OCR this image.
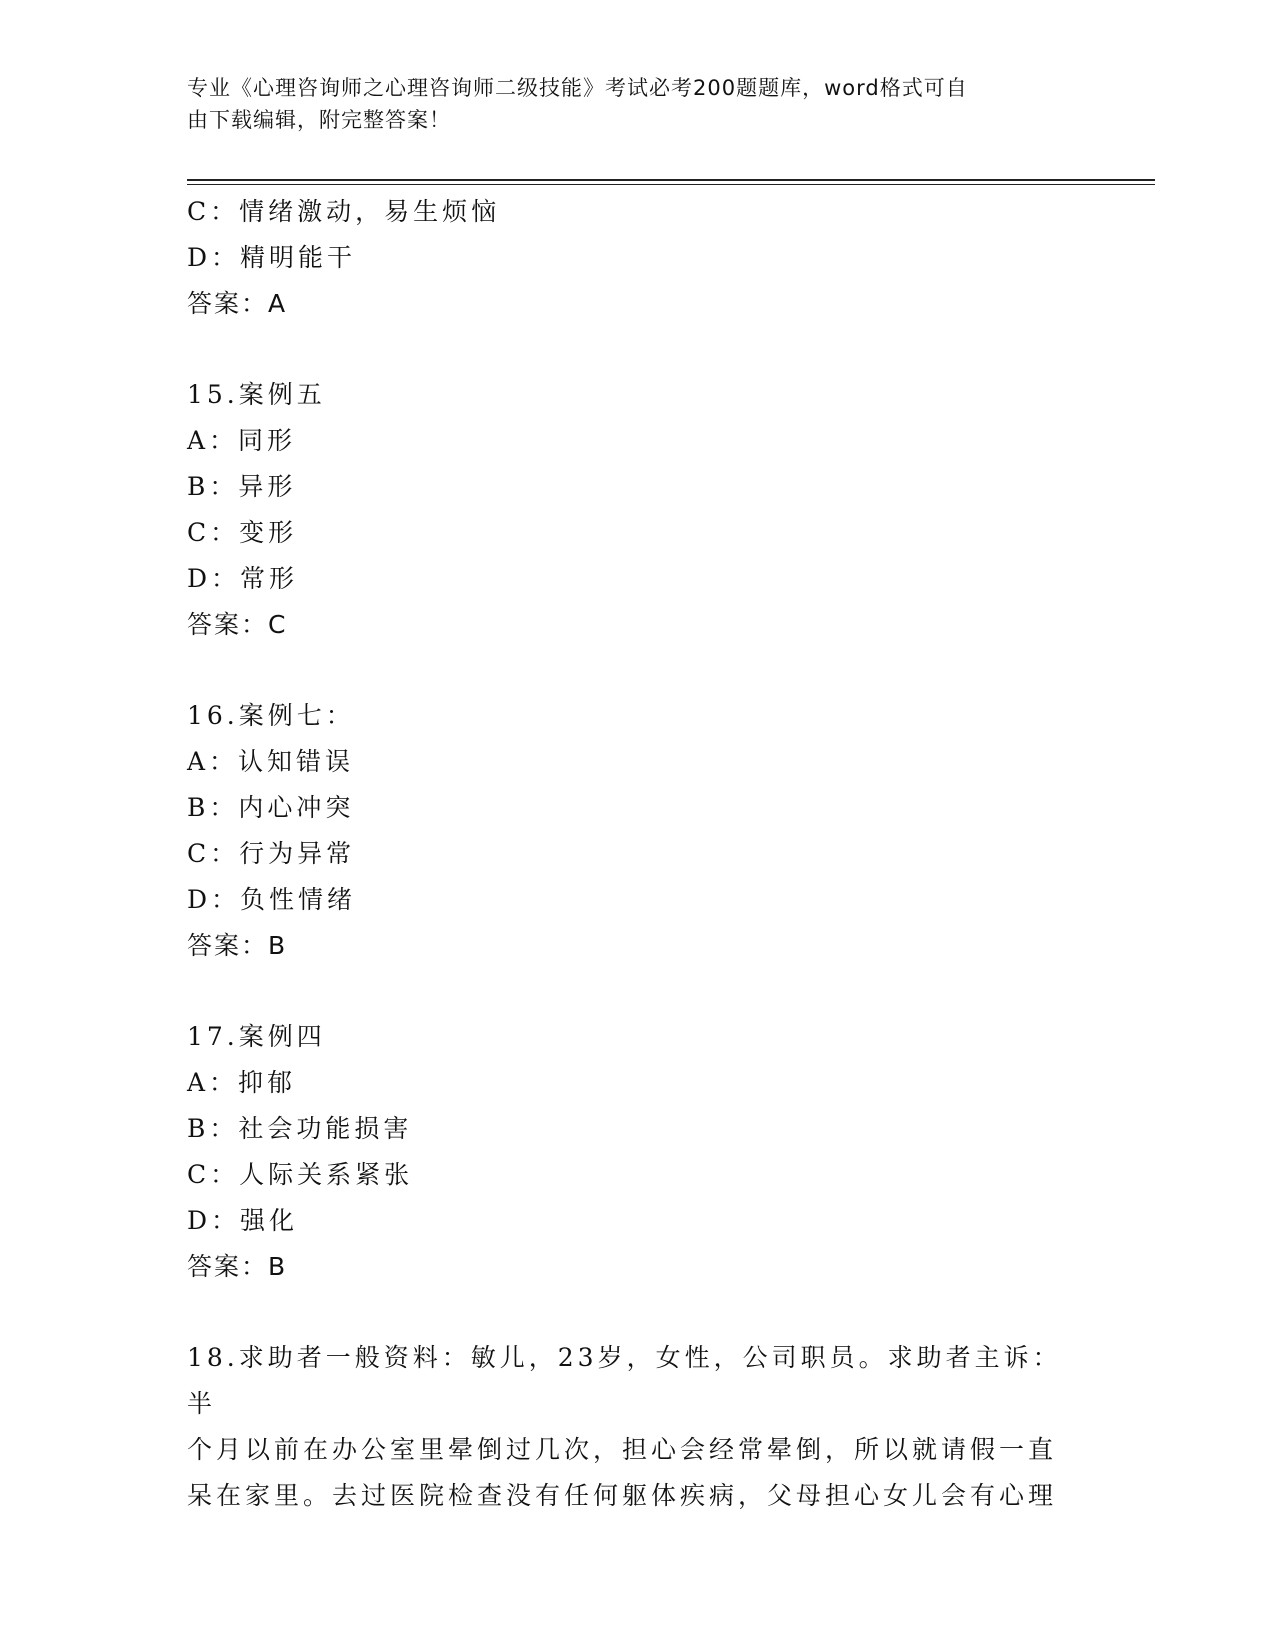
专业《心理咨询师之心理咨询师二级技能》考试必考200题题库，word格式可自
由下载编辑，附完整答案！
C：情绪激动，易生烦恼
D：精明能干
答案：A
15.案例五
A：同形
B：异形
C：变形
D：常形
答案：C
16.案例七：
A：认知错误
B：内心冲突
C：行为异常
D：负性情绪
答案：B
17.案例四
A：抑郁
B：社会功能损害
C：人际关系紧张
D：强化
答案：B
18.求助者一般资料：敏儿，23岁，女性，公司职员。求助者主诉：半
个月以前在办公室里晕倒过几次，担心会经常晕倒，所以就请假一直
呆在家里。去过医院检查没有任何躯体疾病，父母担心女儿会有心理
